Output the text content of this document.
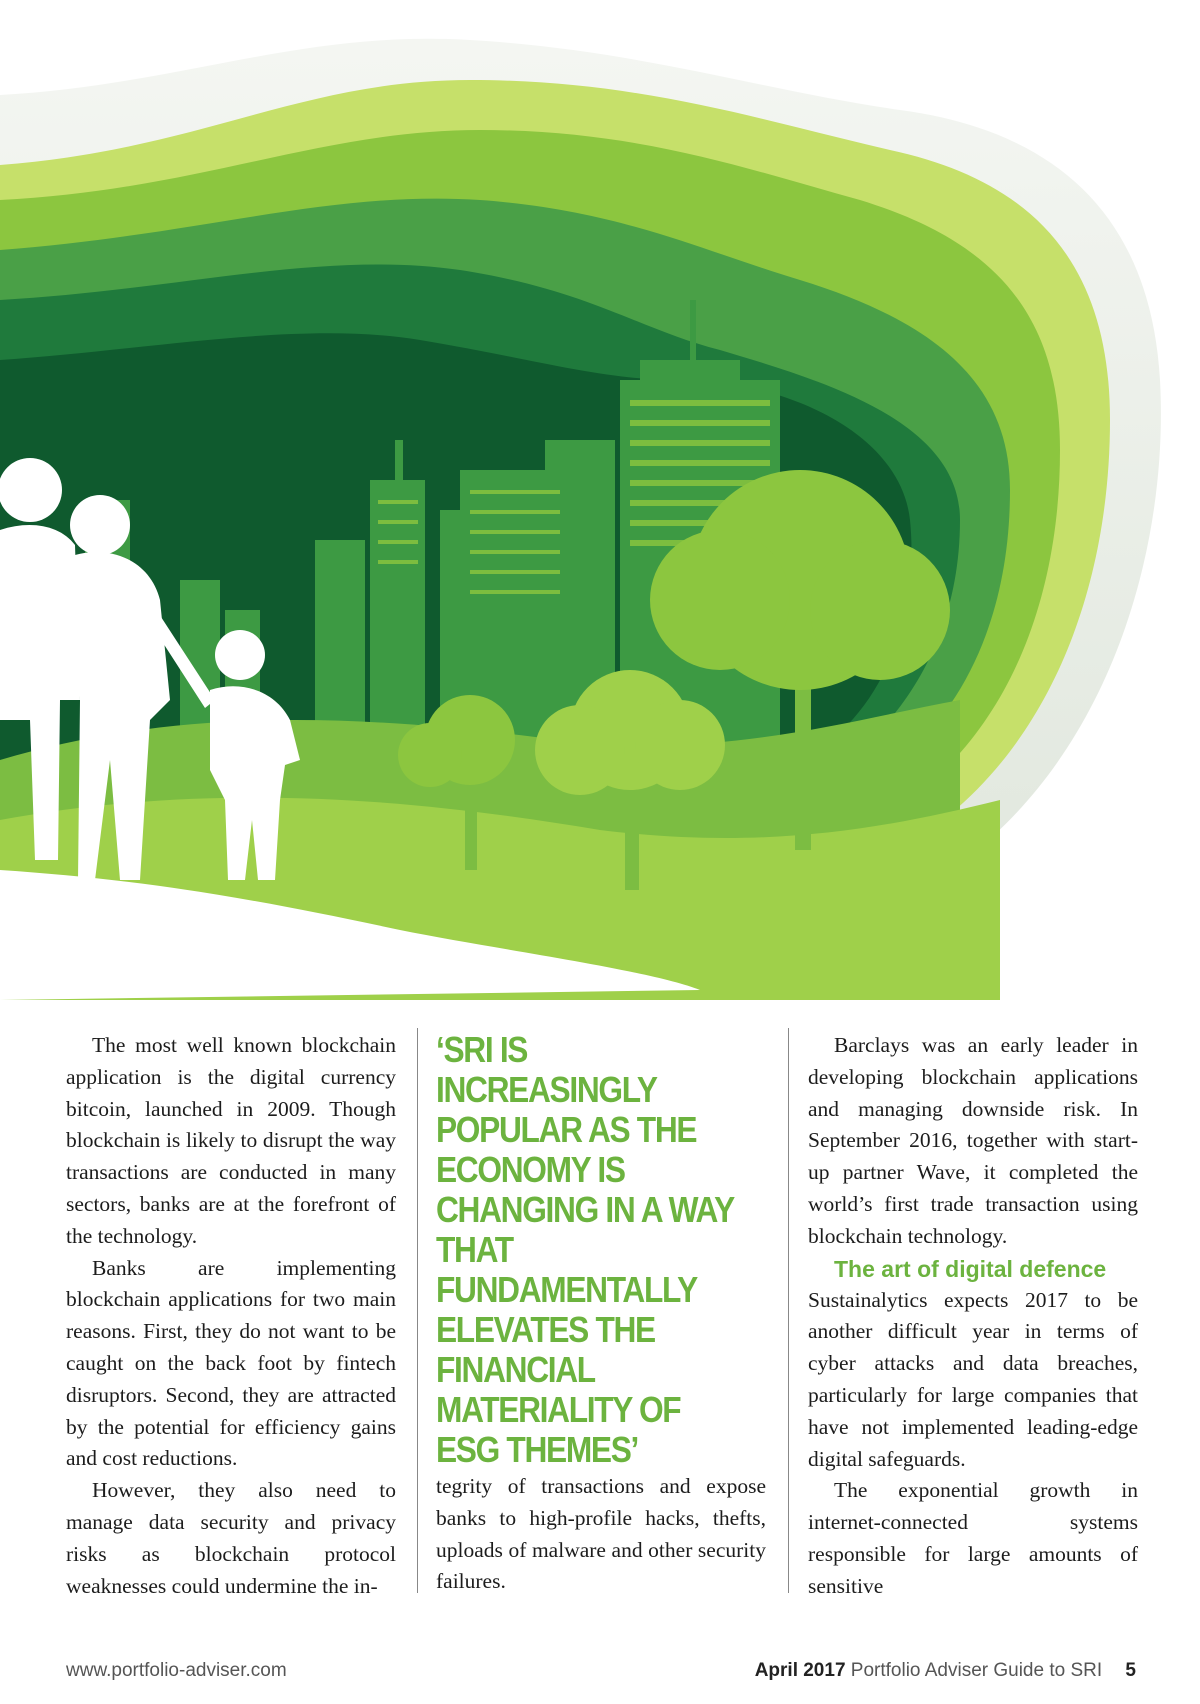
The most well known blockchain application is the digital currency bitcoin, launched in 2009. Though blockchain is likely to disrupt the way transactions are conducted in many sectors, banks are at the forefront of the technology.

Banks are implementing blockchain applications for two main reasons. First, they do not want to be caught on the back foot by fintech disruptors. Second, they are attracted by the potential for efficiency gains and cost reductions.

However, they also need to manage data security and privacy risks as blockchain protocol weaknesses could undermine the in-

‘SRI IS INCREASINGLY POPULAR AS THE ECONOMY IS CHANGING IN A WAY THAT FUNDAMENTALLY ELEVATES THE FINANCIAL MATERIALITY OF ESG THEMES’

tegrity of transactions and expose banks to high-profile hacks, thefts, uploads of malware and other security failures.

Barclays was an early leader in developing blockchain applications and managing downside risk. In September 2016, together with start-up partner Wave, it completed the world’s first trade transaction using blockchain technology.

The art of digital defence

Sustainalytics expects 2017 to be another difficult year in terms of cyber attacks and data breaches, particularly for large companies that have not implemented leading-edge digital safeguards.

The exponential growth in internet-connected systems responsible for large amounts of sensitive

www.portfolio-adviser.com	April 2017 Portfolio Adviser Guide to SRI 5
